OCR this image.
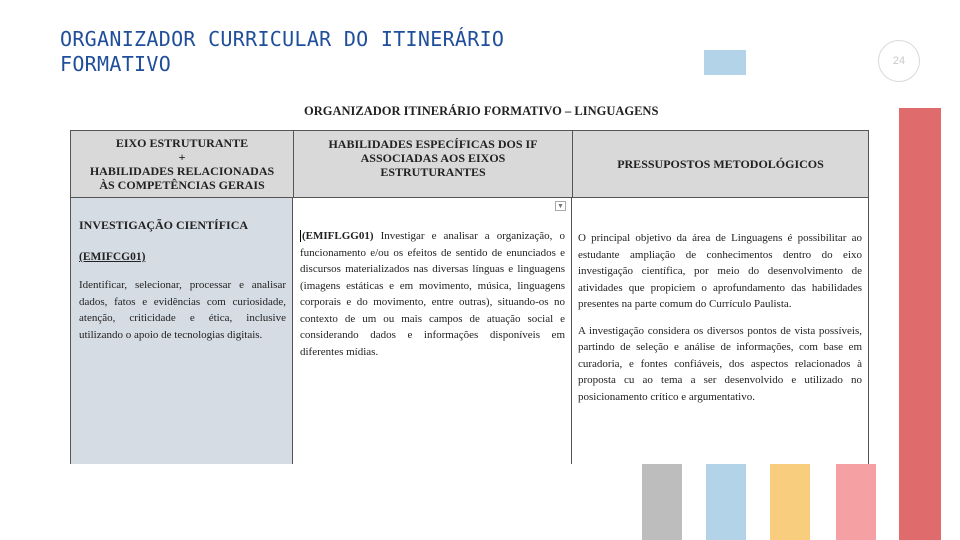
ORGANIZADOR CURRICULAR DO ITINERÁRIO
FORMATIVO	24
ORGANIZADOR ITINERÁRIO FORMATIVO – LINGUAGENS
EIXO ESTRUTURANTE
+
HABILIDADES RELACIONADAS
ÀS COMPETÊNCIAS GERAIS
HABILIDADES ESPECÍFICAS DOS IF
ASSOCIADAS AOS EIXOS
ESTRUTURANTES
PRESSUPOSTOS METODOLÓGICOS
INVESTIGAÇÃO CIENTÍFICA
(EMIFCG01)
Identificar, selecionar, processar e analisar dados, fatos e evidências com curiosidade, atenção, criticidade e ética, inclusive utilizando o apoio de tecnologias digitais.
▼
(EMIFLGG01) Investigar e analisar a organização, o funcionamento e/ou os efeitos de sentido de enunciados e discursos materializados nas diversas línguas e linguagens (imagens estáticas e em movimento, música, linguagens corporais e do movimento, entre outras), situando-os no contexto de um ou mais campos de atuação social e considerando dados e informações disponíveis em diferentes mídias.
O principal objetivo da área de Linguagens é possibilitar ao estudante ampliação de conhecimentos dentro do eixo investigação científica, por meio do desenvolvimento de atividades que propiciem o aprofundamento das habilidades presentes na parte comum do Currículo Paulista.
A investigação considera os diversos pontos de vista possíveis, partindo de seleção e análise de informações, com base em curadoria, e fontes confiáveis, dos aspectos relacionados à proposta cu ao tema a ser desenvolvido e utilizado no posicionamento crítico e argumentativo.
